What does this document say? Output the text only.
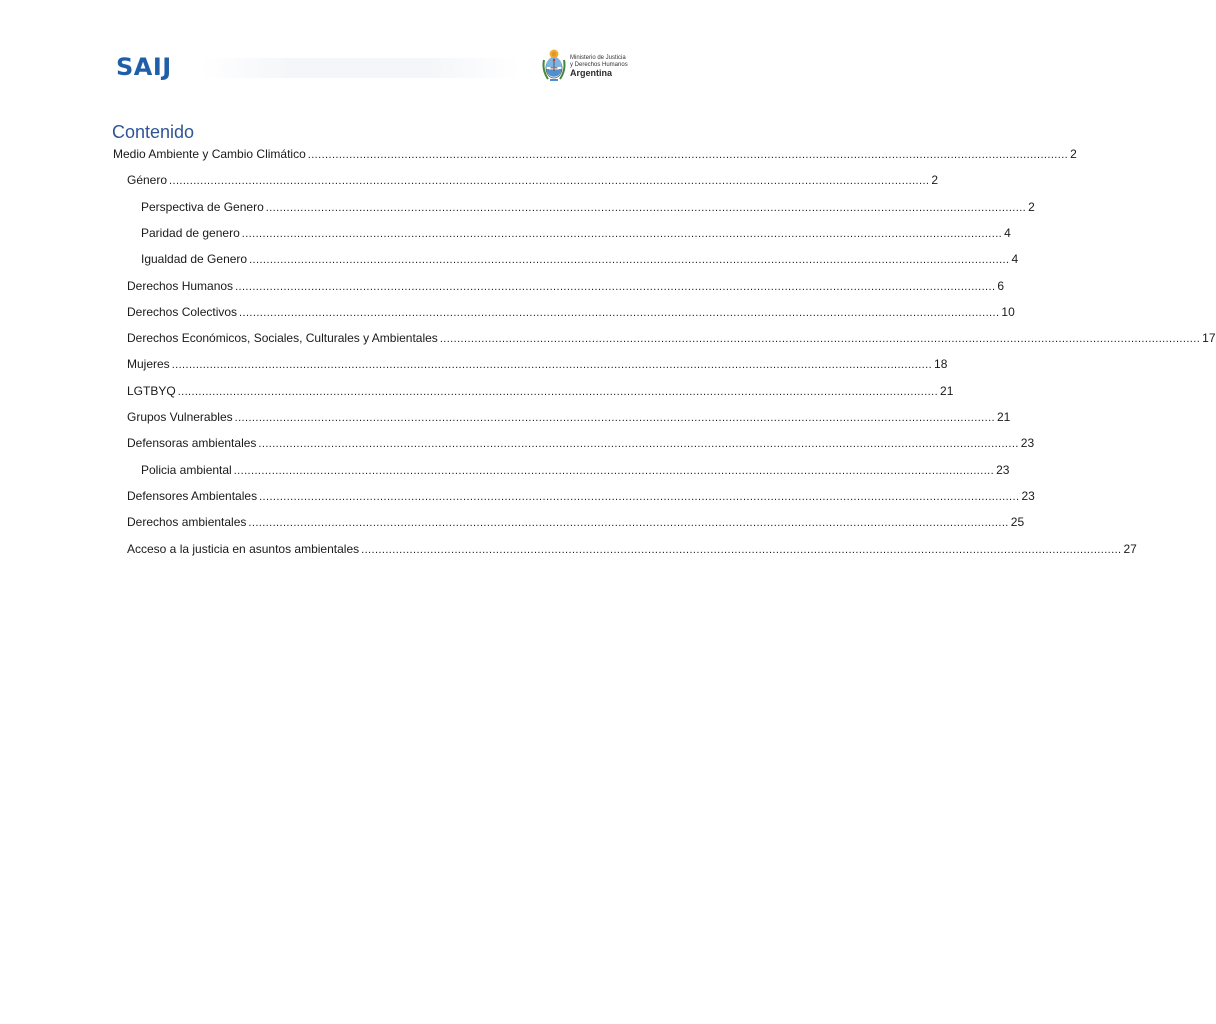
SAIJ	Ministerio de Justicia
y Derechos Humanos
Argentina
Contenido
Medio Ambiente y Cambio Climático ............................................................................................................................................................................................................................ 2
Género ............................................................................................................................................................................................................................ 2
Perspectiva de Genero ............................................................................................................................................................................................................................ 2
Paridad de genero ............................................................................................................................................................................................................................ 4
Igualdad de Genero ............................................................................................................................................................................................................................ 4
Derechos Humanos ............................................................................................................................................................................................................................ 6
Derechos Colectivos ............................................................................................................................................................................................................................ 10
Derechos Económicos, Sociales, Culturales y Ambientales ............................................................................................................................................................................................................................ 17
Mujeres ............................................................................................................................................................................................................................ 18
LGTBYQ ............................................................................................................................................................................................................................ 21
Grupos Vulnerables ............................................................................................................................................................................................................................ 21
Defensoras ambientales ............................................................................................................................................................................................................................ 23
Policia ambiental ............................................................................................................................................................................................................................ 23
Defensores Ambientales ............................................................................................................................................................................................................................ 23
Derechos ambientales ............................................................................................................................................................................................................................ 25
Acceso a la justicia en asuntos ambientales ............................................................................................................................................................................................................................ 27
